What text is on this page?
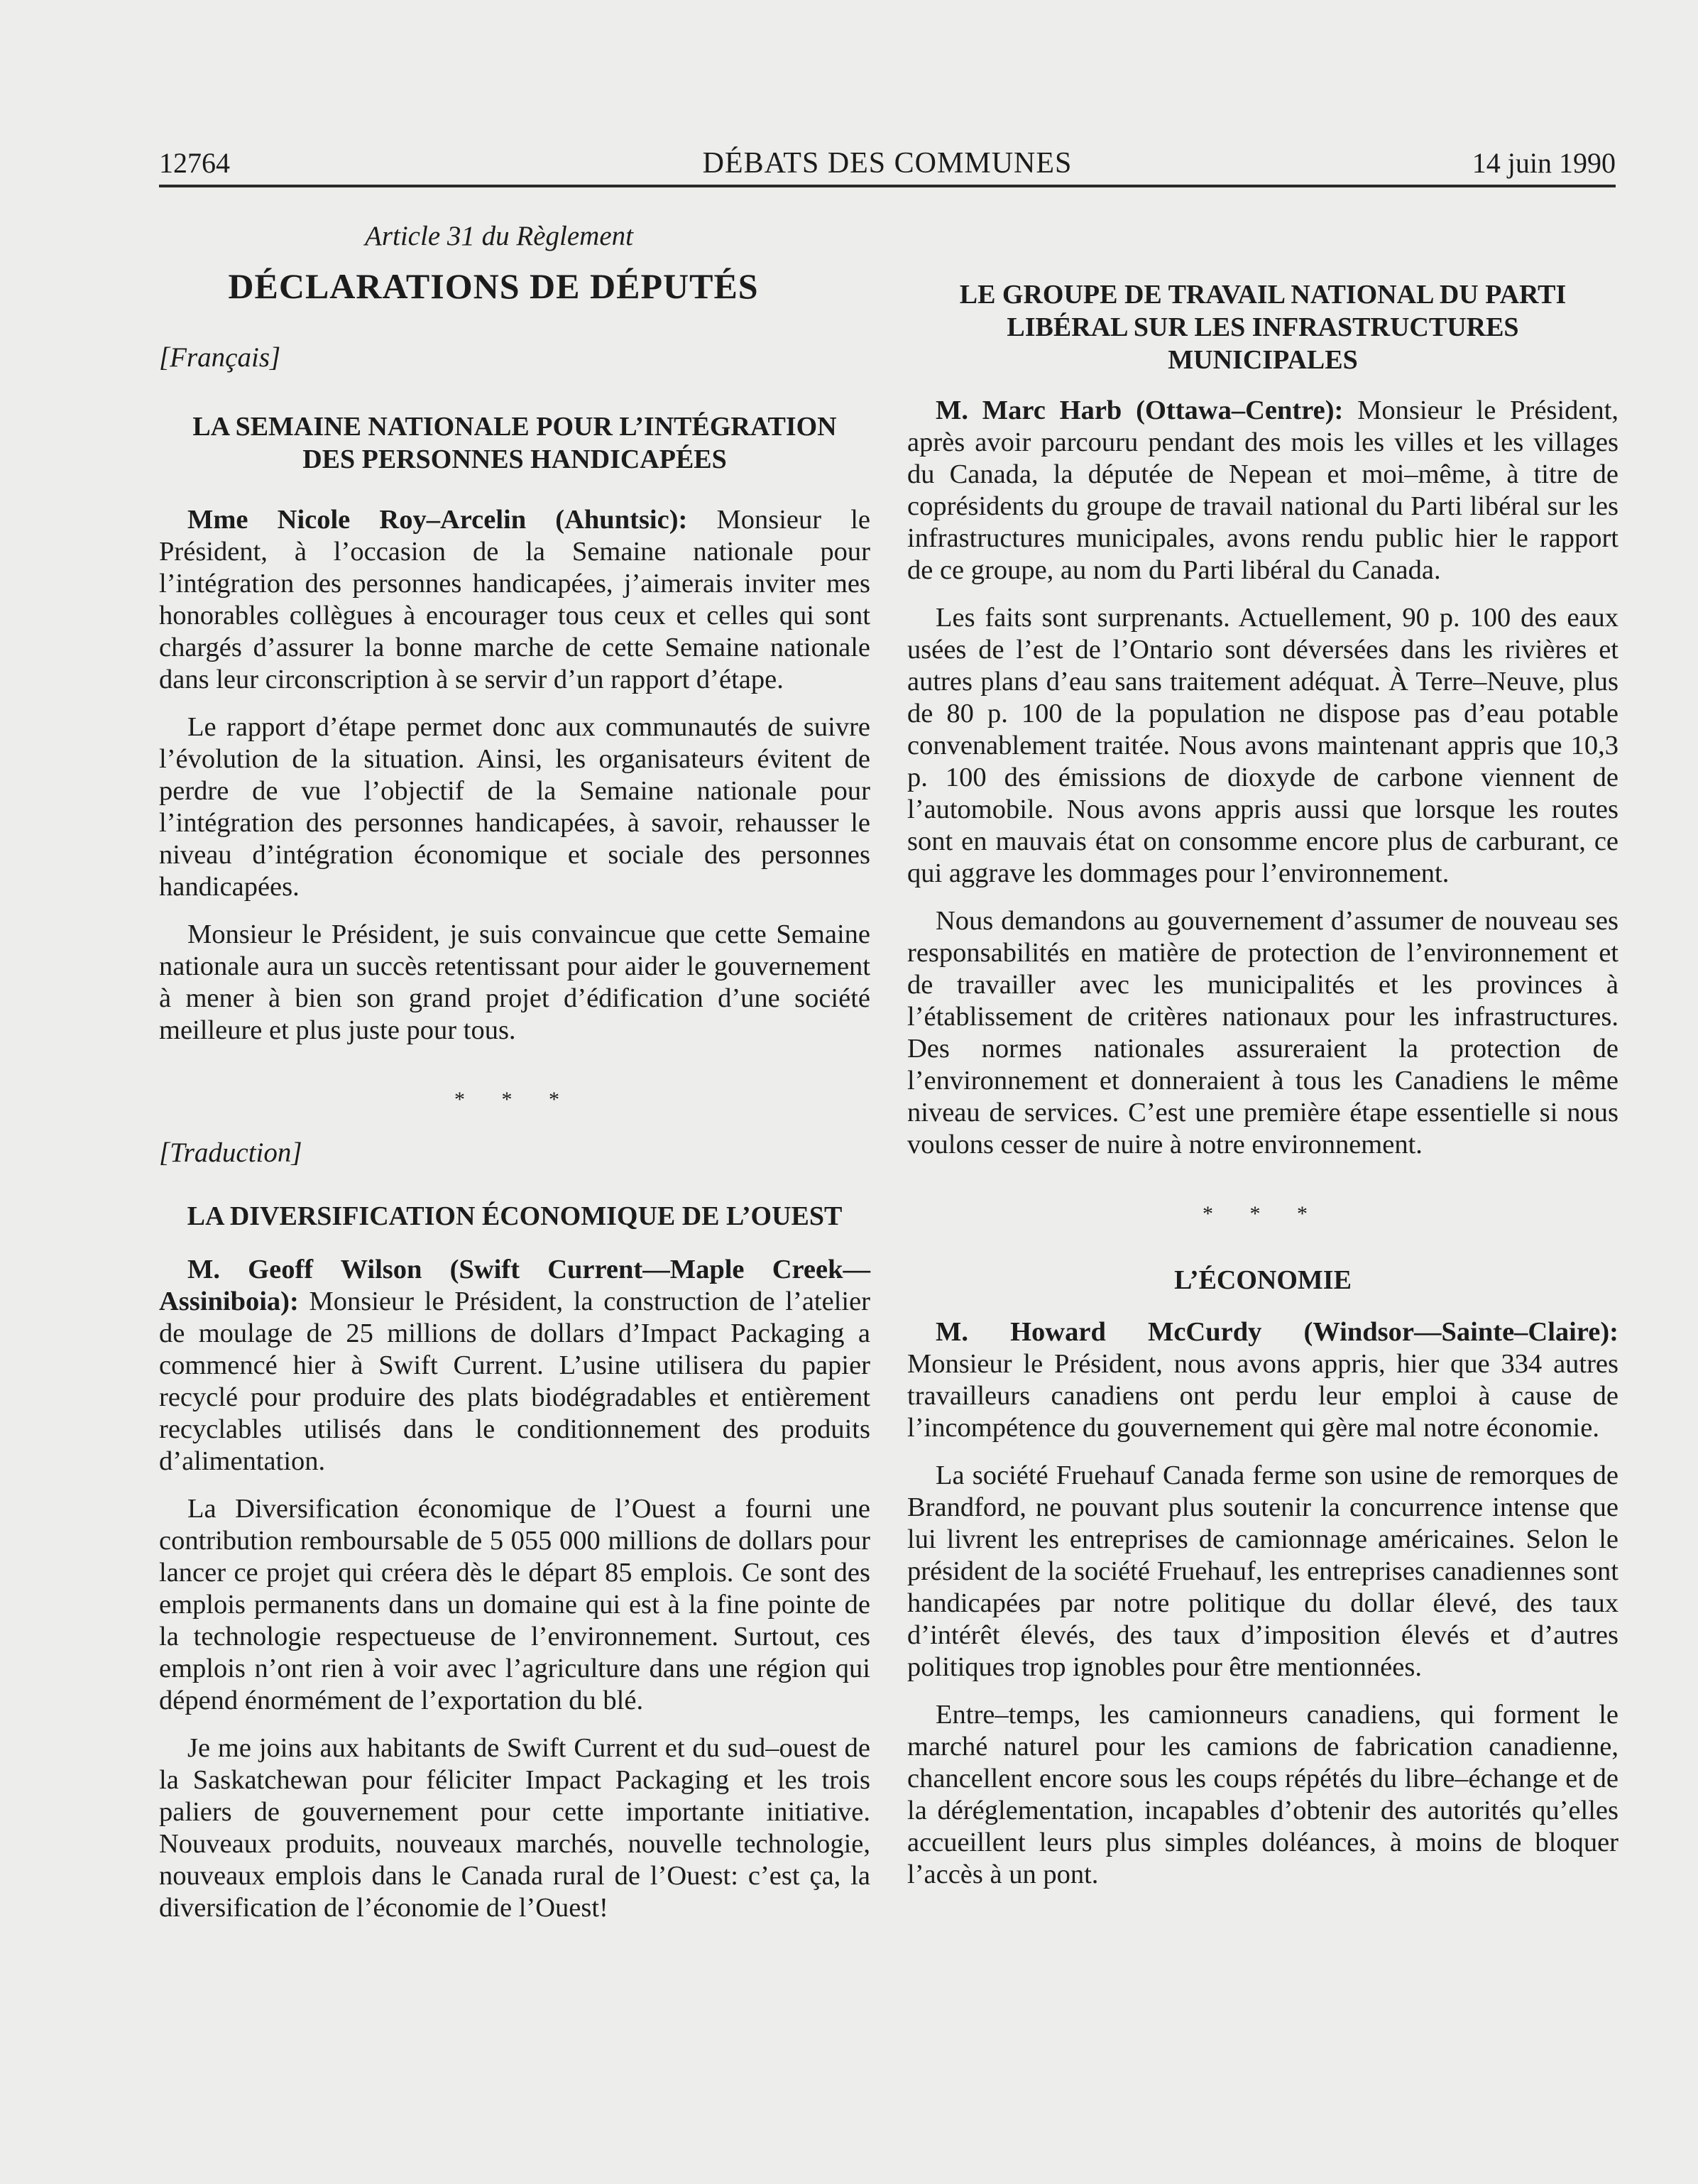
12764	DÉBATS DES COMMUNES	14 juin 1990

Article 31 du Règlement

DÉCLARATIONS DE DÉPUTÉS

[Français]

LA SEMAINE NATIONALE POUR L’INTÉGRATION DES PERSONNES HANDICAPÉES

Mme Nicole Roy–Arcelin (Ahuntsic): Monsieur le Président, à l’occasion de la Semaine nationale pour l’intégration des personnes handicapées, j’aimerais inviter mes honorables collègues à encourager tous ceux et celles qui sont chargés d’assurer la bonne marche de cette Semaine nationale dans leur circonscription à se servir d’un rapport d’étape.

Le rapport d’étape permet donc aux communautés de suivre l’évolution de la situation. Ainsi, les organisateurs évitent de perdre de vue l’objectif de la Semaine nationale pour l’intégration des personnes handicapées, à savoir, rehausser le niveau d’intégration économique et sociale des personnes handicapées.

Monsieur le Président, je suis convaincue que cette Semaine nationale aura un succès retentissant pour aider le gouvernement à mener à bien son grand projet d’édification d’une société meilleure et plus juste pour tous.

* * *

[Traduction]

LA DIVERSIFICATION ÉCONOMIQUE DE L’OUEST

M. Geoff Wilson (Swift Current—Maple Creek—Assiniboia): Monsieur le Président, la construction de l’atelier de moulage de 25 millions de dollars d’Impact Packaging a commencé hier à Swift Current. L’usine utilisera du papier recyclé pour produire des plats biodégradables et entièrement recyclables utilisés dans le conditionnement des produits d’alimentation.

La Diversification économique de l’Ouest a fourni une contribution remboursable de 5 055 000 millions de dollars pour lancer ce projet qui créera dès le départ 85 emplois. Ce sont des emplois permanents dans un domaine qui est à la fine pointe de la technologie respectueuse de l’environnement. Surtout, ces emplois n’ont rien à voir avec l’agriculture dans une région qui dépend énormément de l’exportation du blé.

Je me joins aux habitants de Swift Current et du sud–ouest de la Saskatchewan pour féliciter Impact Packaging et les trois paliers de gouvernement pour cette importante initiative. Nouveaux produits, nouveaux marchés, nouvelle technologie, nouveaux emplois dans le Canada rural de l’Ouest: c’est ça, la diversification de l’économie de l’Ouest!

LE GROUPE DE TRAVAIL NATIONAL DU PARTI LIBÉRAL SUR LES INFRASTRUCTURES MUNICIPALES

M. Marc Harb (Ottawa–Centre): Monsieur le Président, après avoir parcouru pendant des mois les villes et les villages du Canada, la députée de Nepean et moi–même, à titre de coprésidents du groupe de travail national du Parti libéral sur les infrastructures municipales, avons rendu public hier le rapport de ce groupe, au nom du Parti libéral du Canada.

Les faits sont surprenants. Actuellement, 90 p. 100 des eaux usées de l’est de l’Ontario sont déversées dans les rivières et autres plans d’eau sans traitement adéquat. À Terre–Neuve, plus de 80 p. 100 de la population ne dispose pas d’eau potable convenablement traitée. Nous avons maintenant appris que 10,3 p. 100 des émissions de dioxyde de carbone viennent de l’automobile. Nous avons appris aussi que lorsque les routes sont en mauvais état on consomme encore plus de carburant, ce qui aggrave les dommages pour l’environnement.

Nous demandons au gouvernement d’assumer de nouveau ses responsabilités en matière de protection de l’environnement et de travailler avec les municipalités et les provinces à l’établissement de critères nationaux pour les infrastructures. Des normes nationales assureraient la protection de l’environnement et donneraient à tous les Canadiens le même niveau de services. C’est une première étape essentielle si nous voulons cesser de nuire à notre environnement.

* * *

L’ÉCONOMIE

M. Howard McCurdy (Windsor—Sainte–Claire): Monsieur le Président, nous avons appris, hier que 334 autres travailleurs canadiens ont perdu leur emploi à cause de l’incompétence du gouvernement qui gère mal notre économie.

La société Fruehauf Canada ferme son usine de remorques de Brandford, ne pouvant plus soutenir la concurrence intense que lui livrent les entreprises de camionnage américaines. Selon le président de la société Fruehauf, les entreprises canadiennes sont handicapées par notre politique du dollar élevé, des taux d’intérêt élevés, des taux d’imposition élevés et d’autres politiques trop ignobles pour être mentionnées.

Entre–temps, les camionneurs canadiens, qui forment le marché naturel pour les camions de fabrication canadienne, chancellent encore sous les coups répétés du libre–échange et de la déréglementation, incapables d’obtenir des autorités qu’elles accueillent leurs plus simples doléances, à moins de bloquer l’accès à un pont.
